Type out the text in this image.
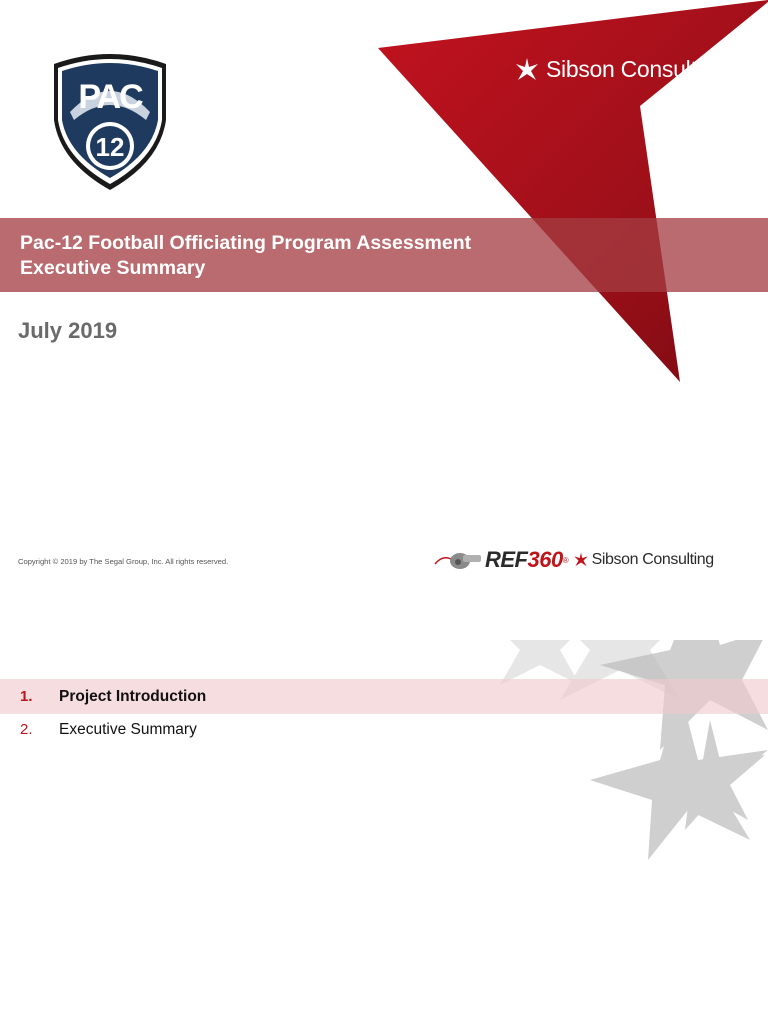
PAC
12
Sibson Consulting
Pac-12 Football Officiating Program Assessment
Executive Summary
July 2019
Copyright © 2019 by The Segal Group, Inc. All rights reserved.	REF360 ® Sibson Consulting
1. Project Introduction
2. Executive Summary
